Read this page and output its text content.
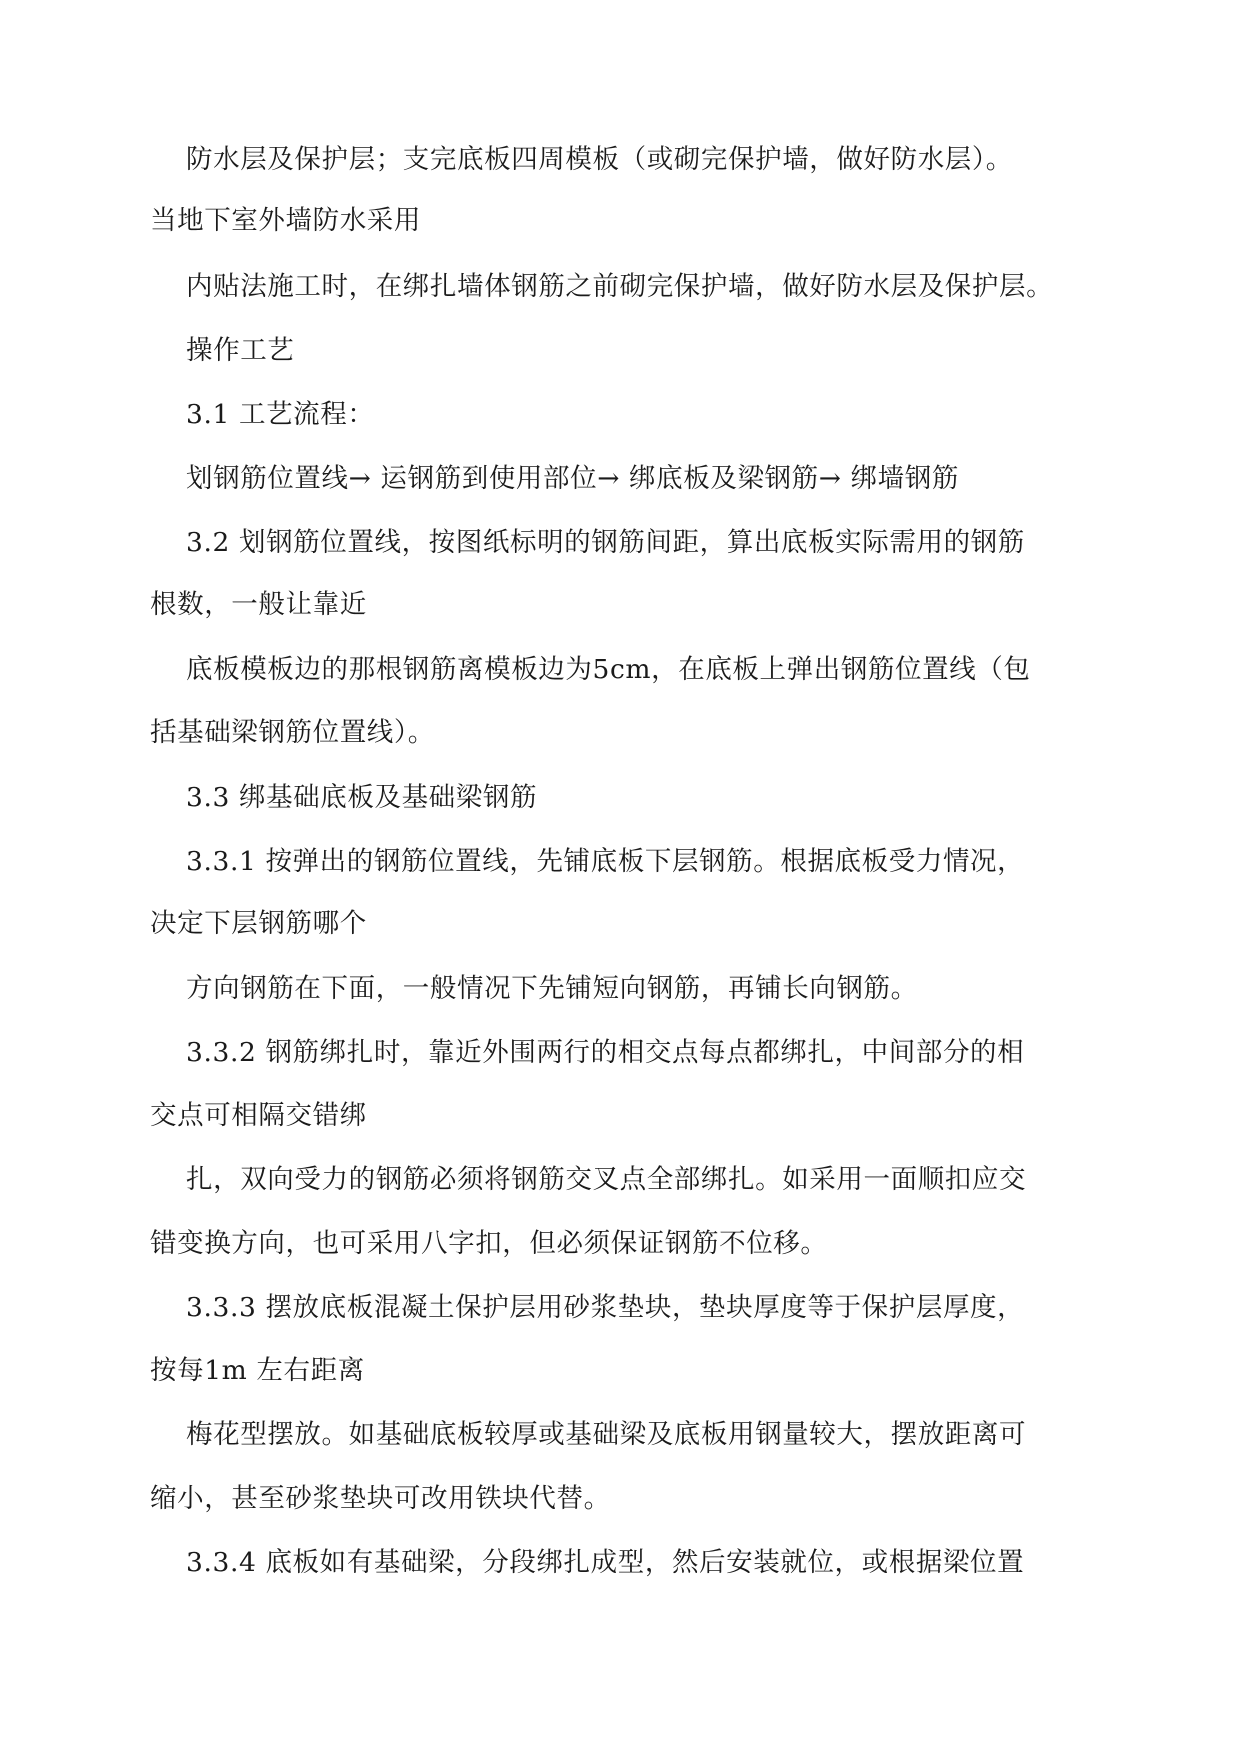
防水层及保护层；支完底板四周模板（或砌完保护墙，做好防水层）。
当地下室外墙防水采用
内贴法施工时，在绑扎墙体钢筋之前砌完保护墙，做好防水层及保护层。
操作工艺
3.1 工艺流程：
划钢筋位置线→ 运钢筋到使用部位→ 绑底板及梁钢筋→ 绑墙钢筋
3.2 划钢筋位置线，按图纸标明的钢筋间距，算出底板实际需用的钢筋
根数，一般让靠近
底板模板边的那根钢筋离模板边为5cm，在底板上弹出钢筋位置线（包
括基础梁钢筋位置线）。
3.3 绑基础底板及基础梁钢筋
3.3.1 按弹出的钢筋位置线，先铺底板下层钢筋。根据底板受力情况，
决定下层钢筋哪个
方向钢筋在下面，一般情况下先铺短向钢筋，再铺长向钢筋。
3.3.2 钢筋绑扎时，靠近外围两行的相交点每点都绑扎，中间部分的相
交点可相隔交错绑
扎，双向受力的钢筋必须将钢筋交叉点全部绑扎。如采用一面顺扣应交
错变换方向，也可采用八字扣，但必须保证钢筋不位移。
3.3.3 摆放底板混凝土保护层用砂浆垫块，垫块厚度等于保护层厚度，
按每1m 左右距离
梅花型摆放。如基础底板较厚或基础梁及底板用钢量较大，摆放距离可
缩小，甚至砂浆垫块可改用铁块代替。
3.3.4 底板如有基础梁，分段绑扎成型，然后安装就位，或根据梁位置
